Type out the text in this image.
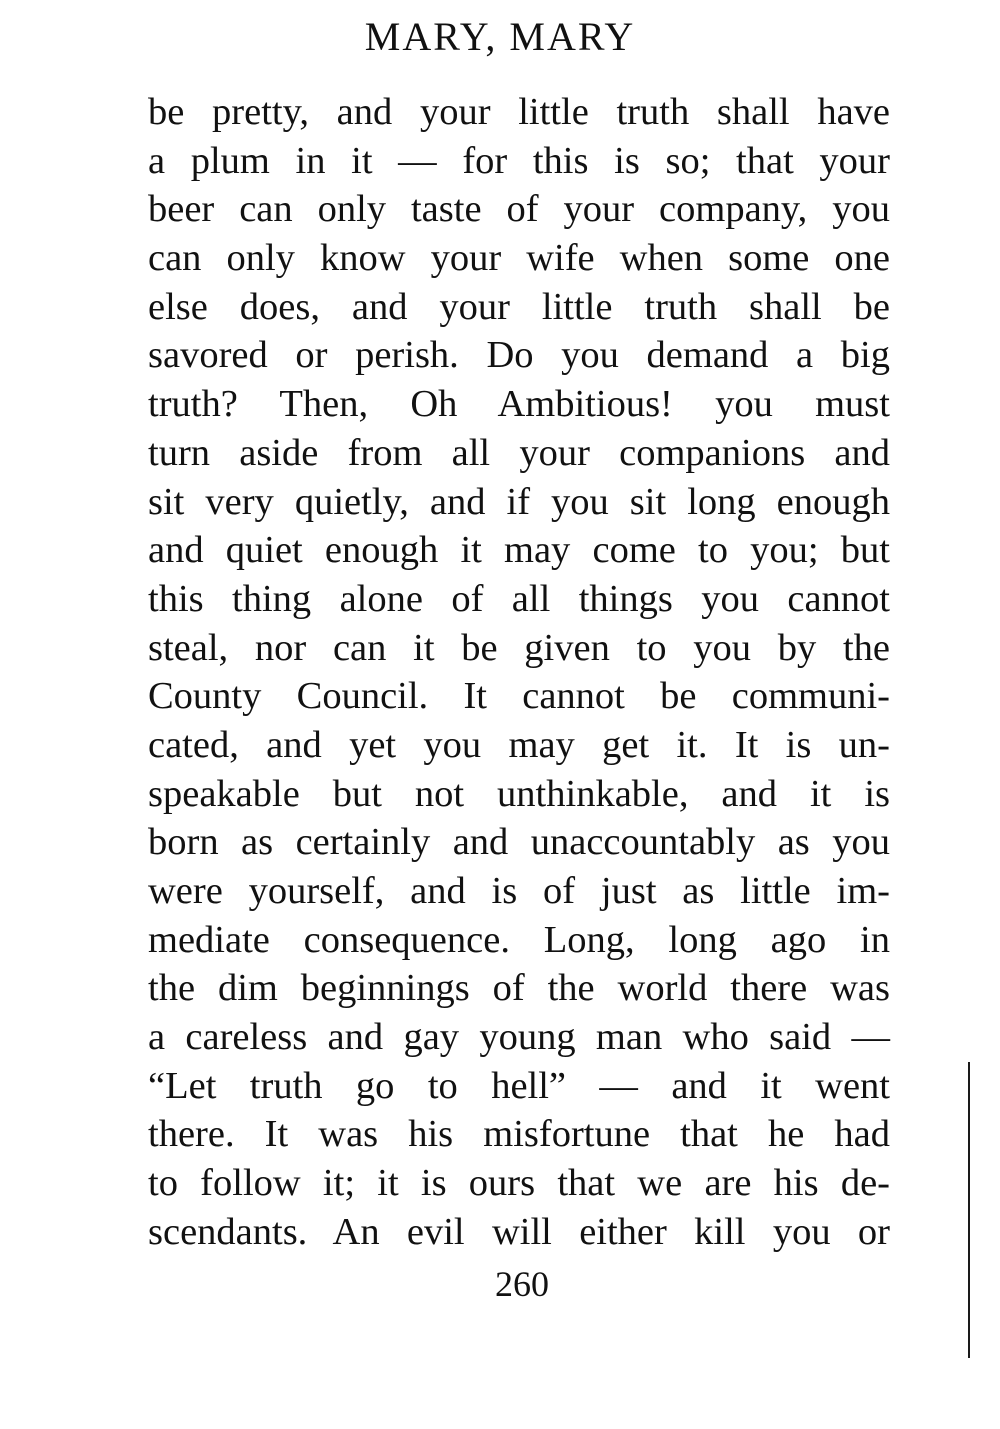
MARY, MARY
be pretty, and your little truth shall have
a plum in it — for this is so; that your
beer can only taste of your company, you
can only know your wife when some one
else does, and your little truth shall be
savored or perish. Do you demand a big
truth? Then, Oh Ambitious! you must
turn aside from all your companions and
sit very quietly, and if you sit long enough
and quiet enough it may come to you; but
this thing alone of all things you cannot
steal, nor can it be given to you by the
County Council. It cannot be communi-
cated, and yet you may get it. It is un-
speakable but not unthinkable, and it is
born as certainly and unaccountably as you
were yourself, and is of just as little im-
mediate consequence. Long, long ago in
the dim beginnings of the world there was
a careless and gay young man who said —
“Let truth go to hell” — and it went
there. It was his misfortune that he had
to follow it; it is ours that we are his de-
scendants. An evil will either kill you or
260
